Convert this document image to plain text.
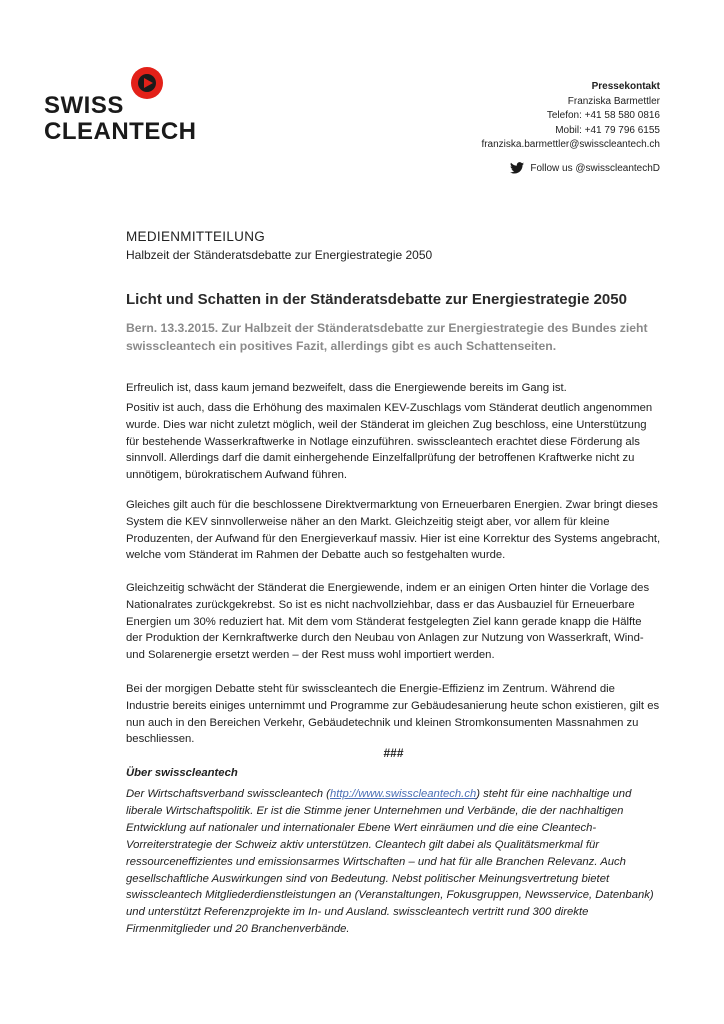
SWISS
CLEANTECH
Pressekontakt
Franziska Barmettler
Telefon: +41 58 580 0816
Mobil: +41 79 796 6155
franziska.barmettler@swisscleantech.ch
Follow us @swisscleantechD
MEDIENMITTEILUNG
Halbzeit der Ständeratsdebatte zur Energiestrategie 2050
Licht und Schatten in der Ständeratsdebatte zur Energiestrategie 2050
Bern. 13.3.2015. Zur Halbzeit der Ständeratsdebatte zur Energiestrategie des Bundes zieht swisscleantech ein positives Fazit, allerdings gibt es auch Schattenseiten.

Erfreulich ist, dass kaum jemand bezweifelt, dass die Energiewende bereits im Gang ist.

Positiv ist auch, dass die Erhöhung des maximalen KEV-Zuschlags vom Ständerat deutlich angenommen wurde. Dies war nicht zuletzt möglich, weil der Ständerat im gleichen Zug beschloss, eine Unterstützung für bestehende Wasserkraftwerke in Notlage einzuführen. swisscleantech erachtet diese Förderung als sinnvoll. Allerdings darf die damit einhergehende Einzelfallprüfung der betroffenen Kraftwerke nicht zu unnötigem, bürokratischem Aufwand führen.

Gleiches gilt auch für die beschlossene Direktvermarktung von Erneuerbaren Energien. Zwar bringt dieses System die KEV sinnvollerweise näher an den Markt. Gleichzeitig steigt aber, vor allem für kleine Produzenten, der Aufwand für den Energieverkauf massiv. Hier ist eine Korrektur des Systems angebracht, welche vom Ständerat im Rahmen der Debatte auch so festgehalten wurde.

Gleichzeitig schwächt der Ständerat die Energiewende, indem er an einigen Orten hinter die Vorlage des Nationalrates zurückgekrebst. So ist es nicht nachvollziehbar, dass er das Ausbauziel für Erneuerbare Energien um 30% reduziert hat. Mit dem vom Ständerat festgelegten Ziel kann gerade knapp die Hälfte der Produktion der Kernkraftwerke durch den Neubau von Anlagen zur Nutzung von Wasserkraft, Wind- und Solarenergie ersetzt werden – der Rest muss wohl importiert werden.

Bei der morgigen Debatte steht für swisscleantech die Energie-Effizienz im Zentrum. Während die Industrie bereits einiges unternimmt und Programme zur Gebäudesanierung heute schon existieren, gilt es nun auch in den Bereichen Verkehr, Gebäudetechnik und kleinen Stromkonsumenten Massnahmen zu beschliessen.

###
Über swisscleantech

Der Wirtschaftsverband swisscleantech (http://www.swisscleantech.ch) steht für eine nachhaltige und liberale Wirtschaftspolitik. Er ist die Stimme jener Unternehmen und Verbände, die der nachhaltigen Entwicklung auf nationaler und internationaler Ebene Wert einräumen und die eine Cleantech-Vorreiterstrategie der Schweiz aktiv unterstützen. Cleantech gilt dabei als Qualitätsmerkmal für ressourceneffizientes und emissionsarmes Wirtschaften – und hat für alle Branchen Relevanz. Auch gesellschaftliche Auswirkungen sind von Bedeutung. Nebst politischer Meinungsvertretung bietet swisscleantech Mitgliederdienstleistungen an (Veranstaltungen, Fokusgruppen, Newsservice, Datenbank) und unterstützt Referenzprojekte im In- und Ausland. swisscleantech vertritt rund 300 direkte Firmenmitglieder und 20 Branchenverbände.
